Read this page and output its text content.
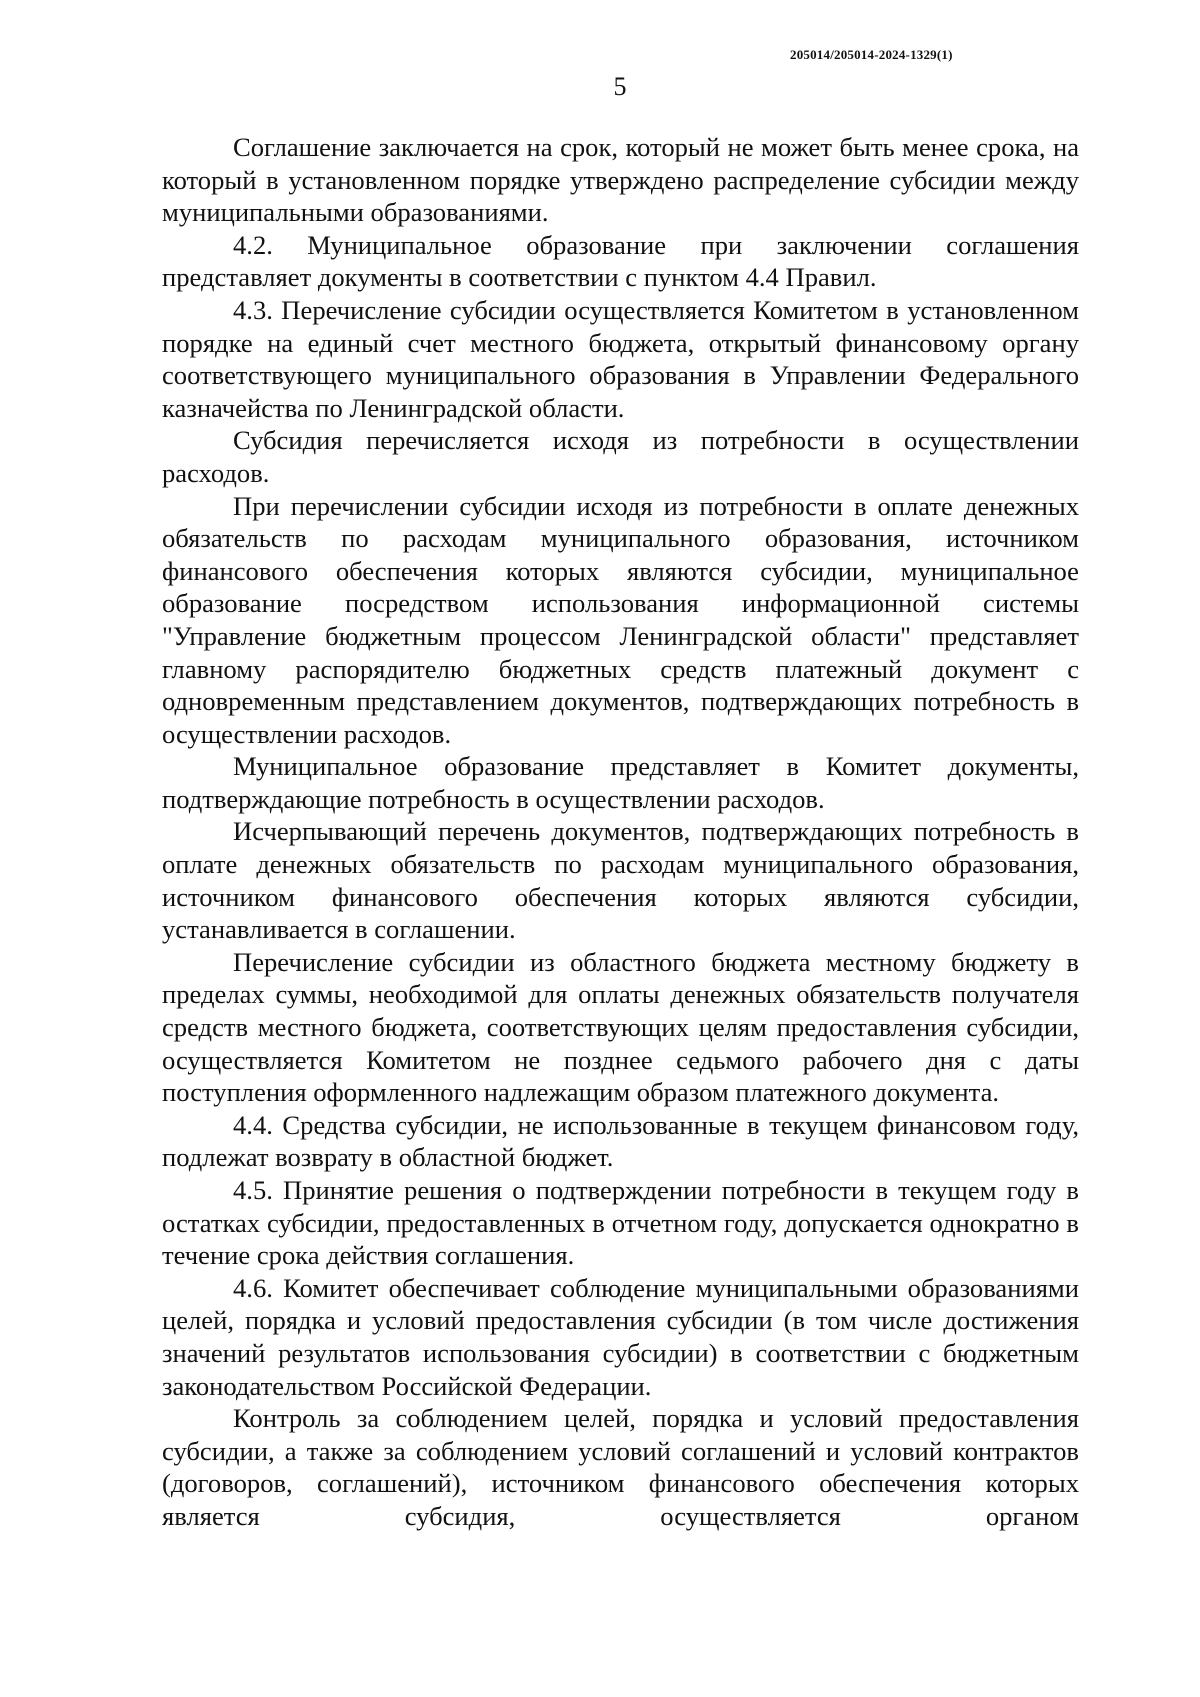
205014/205014-2024-1329(1)
5

Соглашение заключается на срок, который не может быть менее срока, на который в установленном порядке утверждено распределение субсидии между муниципальными образованиями.

4.2. Муниципальное образование при заключении соглашения представляет документы в соответствии с пунктом 4.4 Правил.

4.3. Перечисление субсидии осуществляется Комитетом в установленном порядке на единый счет местного бюджета, открытый финансовому органу соответствующего муниципального образования в Управлении Федерального казначейства по Ленинградской области.

Субсидия перечисляется исходя из потребности в осуществлении расходов.

При перечислении субсидии исходя из потребности в оплате денежных обязательств по расходам муниципального образования, источником финансового обеспечения которых являются субсидии, муниципальное образование посредством использования информационной системы "Управление бюджетным процессом Ленинградской области" представляет главному распорядителю бюджетных средств платежный документ с одновременным представлением документов, подтверждающих потребность в осуществлении расходов.

Муниципальное образование представляет в Комитет документы, подтверждающие потребность в осуществлении расходов.

Исчерпывающий перечень документов, подтверждающих потребность в оплате денежных обязательств по расходам муниципального образования, источником финансового обеспечения которых являются субсидии, устанавливается в соглашении.

Перечисление субсидии из областного бюджета местному бюджету в пределах суммы, необходимой для оплаты денежных обязательств получателя средств местного бюджета, соответствующих целям предоставления субсидии, осуществляется Комитетом не позднее седьмого рабочего дня с даты поступления оформленного надлежащим образом платежного документа.

4.4. Средства субсидии, не использованные в текущем финансовом году, подлежат возврату в областной бюджет.

4.5. Принятие решения о подтверждении потребности в текущем году в остатках субсидии, предоставленных в отчетном году, допускается однократно в течение срока действия соглашения.

4.6. Комитет обеспечивает соблюдение муниципальными образованиями целей, порядка и условий предоставления субсидии (в том числе достижения значений результатов использования субсидии) в соответствии с бюджетным законодательством Российской Федерации.

Контроль за соблюдением целей, порядка и условий предоставления субсидии, а также за соблюдением условий соглашений и условий контрактов (договоров, соглашений), источником финансового обеспечения которых является субсидия, осуществляется органом
